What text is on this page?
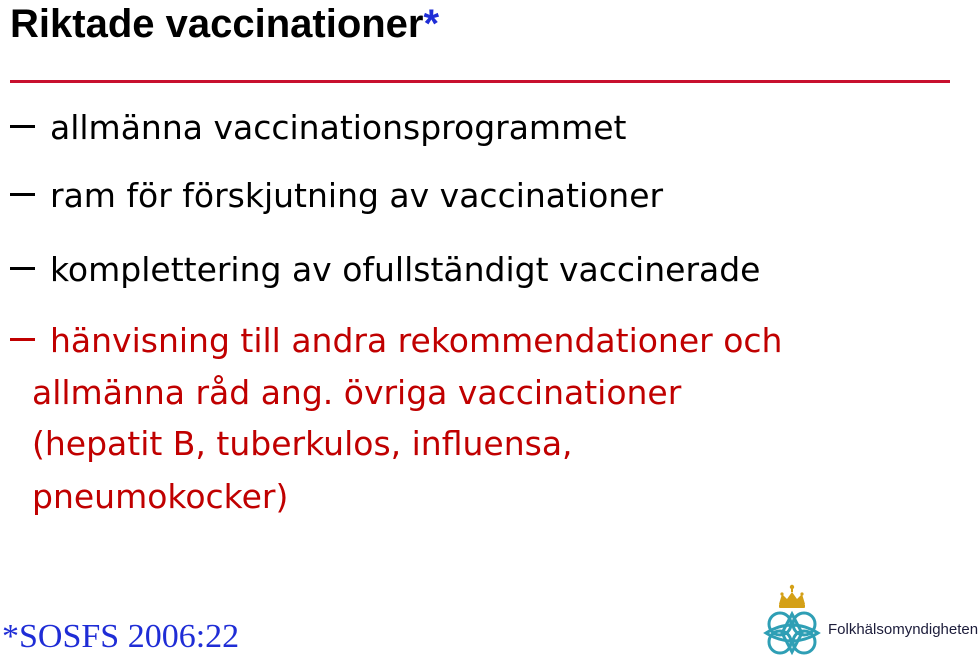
Riktade vaccinationer*
allmänna vaccinationsprogrammet
ram för förskjutning av vaccinationer
komplettering av ofullständigt vaccinerade
hänvisning till andra rekommendationer och
allmänna råd ang. övriga vaccinationer
(hepatit B, tuberkulos, influensa,
pneumokocker)
*SOSFS 2006:22	Folkhälsomyndigheten
